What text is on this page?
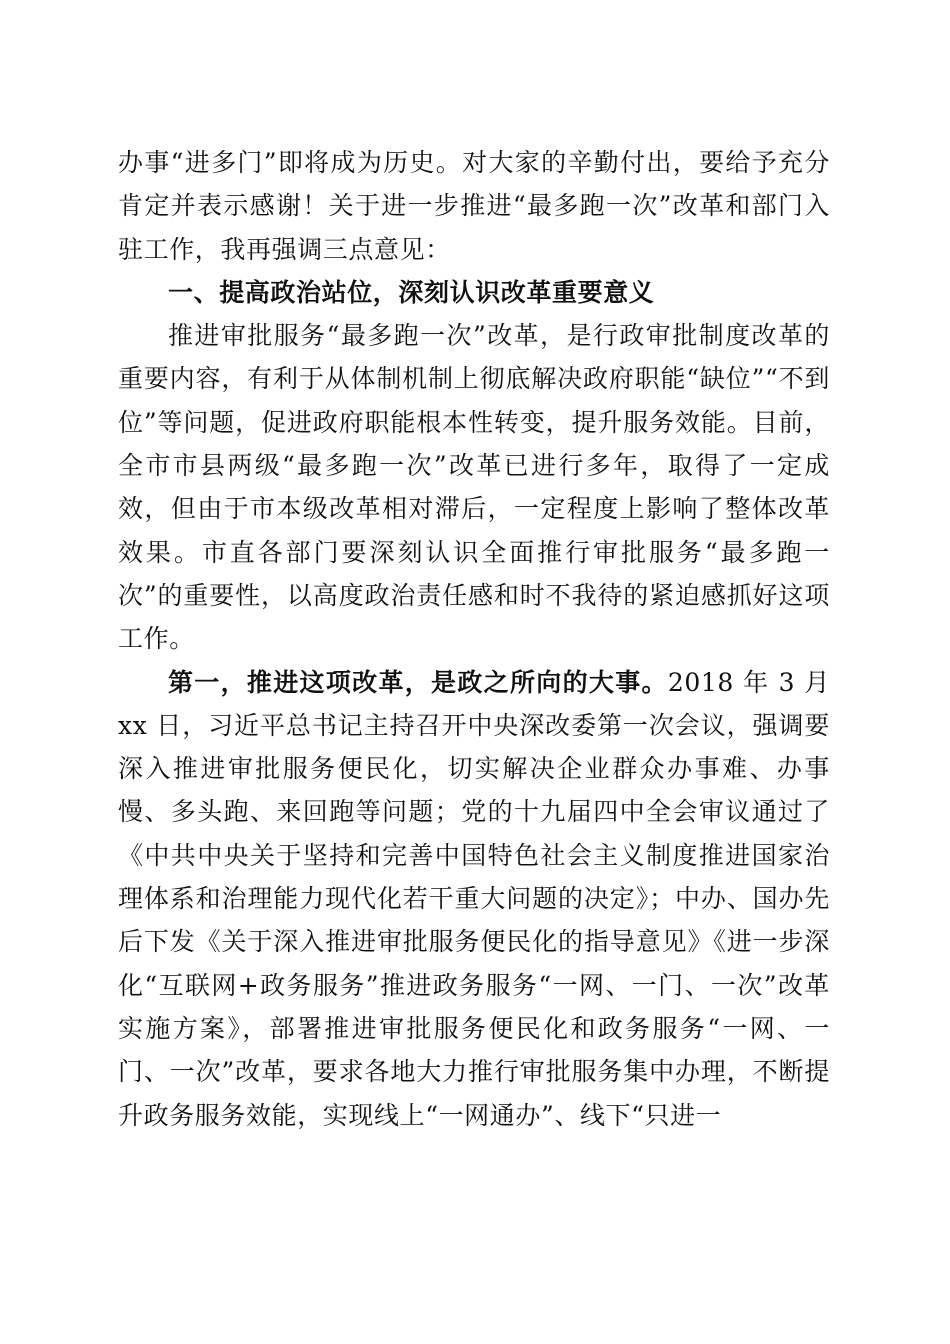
办事“进多门”即将成为历史。对大家的辛勤付出，要给予充分肯定并表示感谢！关于进一步推进“最多跑一次”改革和部门入驻工作，我再强调三点意见：

一、提高政治站位，深刻认识改革重要意义

推进审批服务“最多跑一次”改革，是行政审批制度改革的重要内容，有利于从体制机制上彻底解决政府职能“缺位”“不到位”等问题，促进政府职能根本性转变，提升服务效能。目前，全市市县两级“最多跑一次”改革已进行多年，取得了一定成效，但由于市本级改革相对滞后，一定程度上影响了整体改革效果。市直各部门要深刻认识全面推行审批服务“最多跑一次”的重要性，以高度政治责任感和时不我待的紧迫感抓好这项工作。

第一，推进这项改革，是政之所向的大事。2018 年 3 月 xx 日，习近平总书记主持召开中央深改委第一次会议，强调要深入推进审批服务便民化，切实解决企业群众办事难、办事慢、多头跑、来回跑等问题；党的十九届四中全会审议通过了《中共中央关于坚持和完善中国特色社会主义制度推进国家治理体系和治理能力现代化若干重大问题的决定》；中办、国办先后下发《关于深入推进审批服务便民化的指导意见》《进一步深化“互联网+政务服务”推进政务服务“一网、一门、一次”改革实施方案》，部署推进审批服务便民化和政务服务“一网、一门、一次”改革，要求各地大力推行审批服务集中办理，不断提升政务服务效能，实现线上“一网通办”、线下“只进一
